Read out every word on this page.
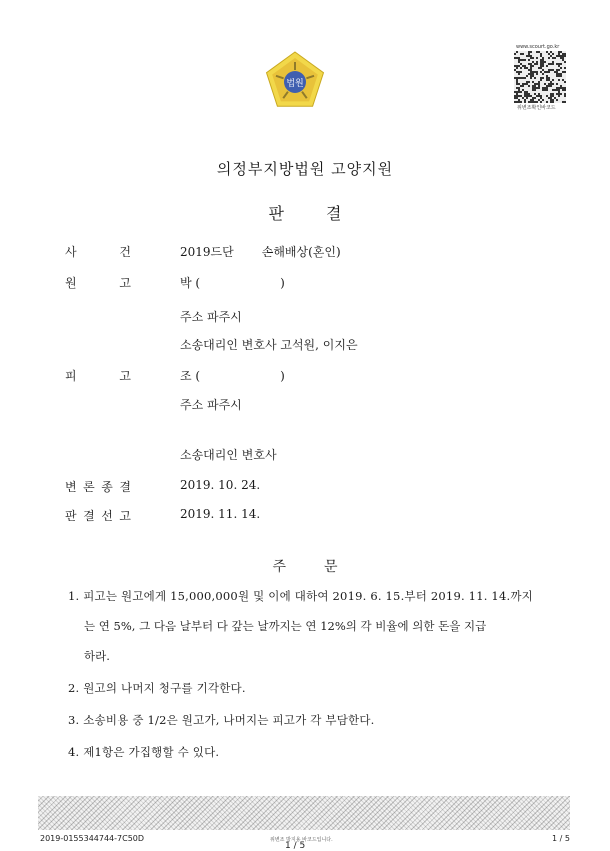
법원
www.scourt.go.kr
위변조확인바코드
의정부지방법원 고양지원
판결
사	건	2019드단 손해배상(혼인)
원	고	박 (	)
주소 파주시
소송대리인 변호사 고석원, 이지은
피	고	조 (	)
주소 파주시
소송대리인 변호사
변 론 종 결	2019. 10. 24.
판 결 선 고	2019. 11. 14.
주문
1. 피고는 원고에게 15,000,000원 및 이에 대하여 2019. 6. 15.부터 2019. 11. 14.까지
는 연 5%, 그 다음 날부터 다 갚는 날까지는 연 12%의 각 비율에 의한 돈을 지급
하라.
2. 원고의 나머지 청구를 기각한다.
3. 소송비용 중 1/2은 원고가, 나머지는 피고가 각 부담한다.
4. 제1항은 가집행할 수 있다.
2019-0155344744-7C50D	위변조 방지용 바코드입니다.
1 / 5
1 / 5
